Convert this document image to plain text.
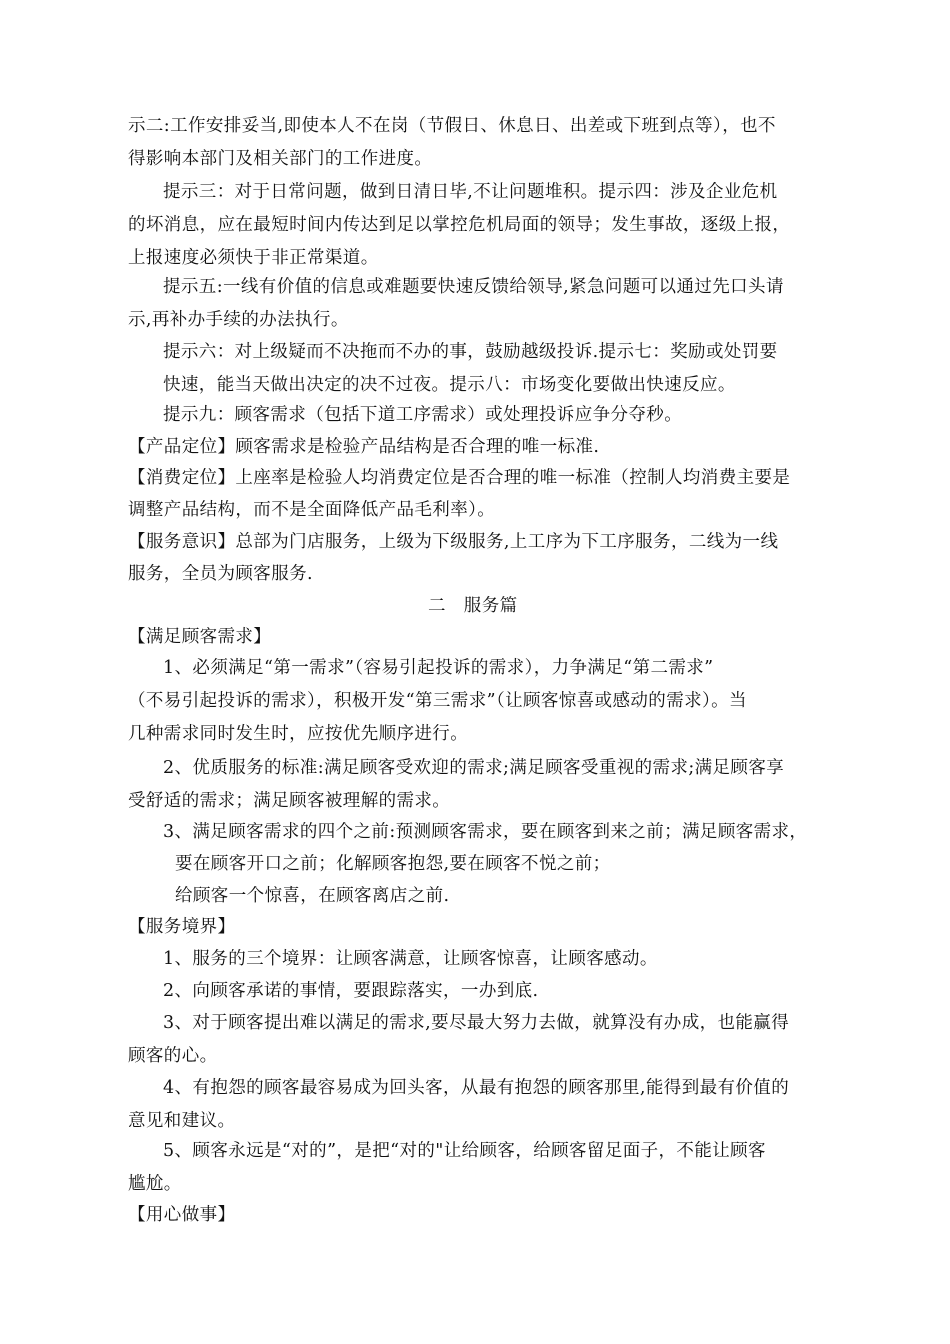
示二:工作安排妥当,即使本人不在岗（节假日、休息日、出差或下班到点等），也不
得影响本部门及相关部门的工作进度。
提示三：对于日常问题，做到日清日毕,不让问题堆积。提示四：涉及企业危机
的坏消息，应在最短时间内传达到足以掌控危机局面的领导；发生事故，逐级上报，
上报速度必须快于非正常渠道。
提示五:一线有价值的信息或难题要快速反馈给领导,紧急问题可以通过先口头请
示,再补办手续的办法执行。
提示六：对上级疑而不决拖而不办的事，鼓励越级投诉.提示七：奖励或处罚要
快速，能当天做出决定的决不过夜。提示八：市场变化要做出快速反应。
提示九：顾客需求（包括下道工序需求）或处理投诉应争分夺秒。
【产品定位】顾客需求是检验产品结构是否合理的唯一标准.
【消费定位】上座率是检验人均消费定位是否合理的唯一标准（控制人均消费主要是
调整产品结构，而不是全面降低产品毛利率）。
【服务意识】总部为门店服务，上级为下级服务,上工序为下工序服务，二线为一线
服务，全员为顾客服务.
二　服务篇
【满足顾客需求】
1、必须满足“第一需求”（容易引起投诉的需求），力争满足“第二需求”
（不易引起投诉的需求），积极开发“第三需求”（让顾客惊喜或感动的需求）。当
几种需求同时发生时，应按优先顺序进行。
2、优质服务的标准:满足顾客受欢迎的需求;满足顾客受重视的需求;满足顾客享
受舒适的需求；满足顾客被理解的需求。
3、满足顾客需求的四个之前:预测顾客需求，要在顾客到来之前；满足顾客需求，
要在顾客开口之前；化解顾客抱怨,要在顾客不悦之前；
给顾客一个惊喜，在顾客离店之前.
【服务境界】
1、服务的三个境界：让顾客满意，让顾客惊喜，让顾客感动。
2、向顾客承诺的事情，要跟踪落实，一办到底.
3、对于顾客提出难以满足的需求,要尽最大努力去做，就算没有办成，也能赢得
顾客的心。
4、有抱怨的顾客最容易成为回头客，从最有抱怨的顾客那里,能得到最有价值的
意见和建议。
5、顾客永远是“对的”，是把“对的"让给顾客，给顾客留足面子，不能让顾客
尴尬。
【用心做事】
